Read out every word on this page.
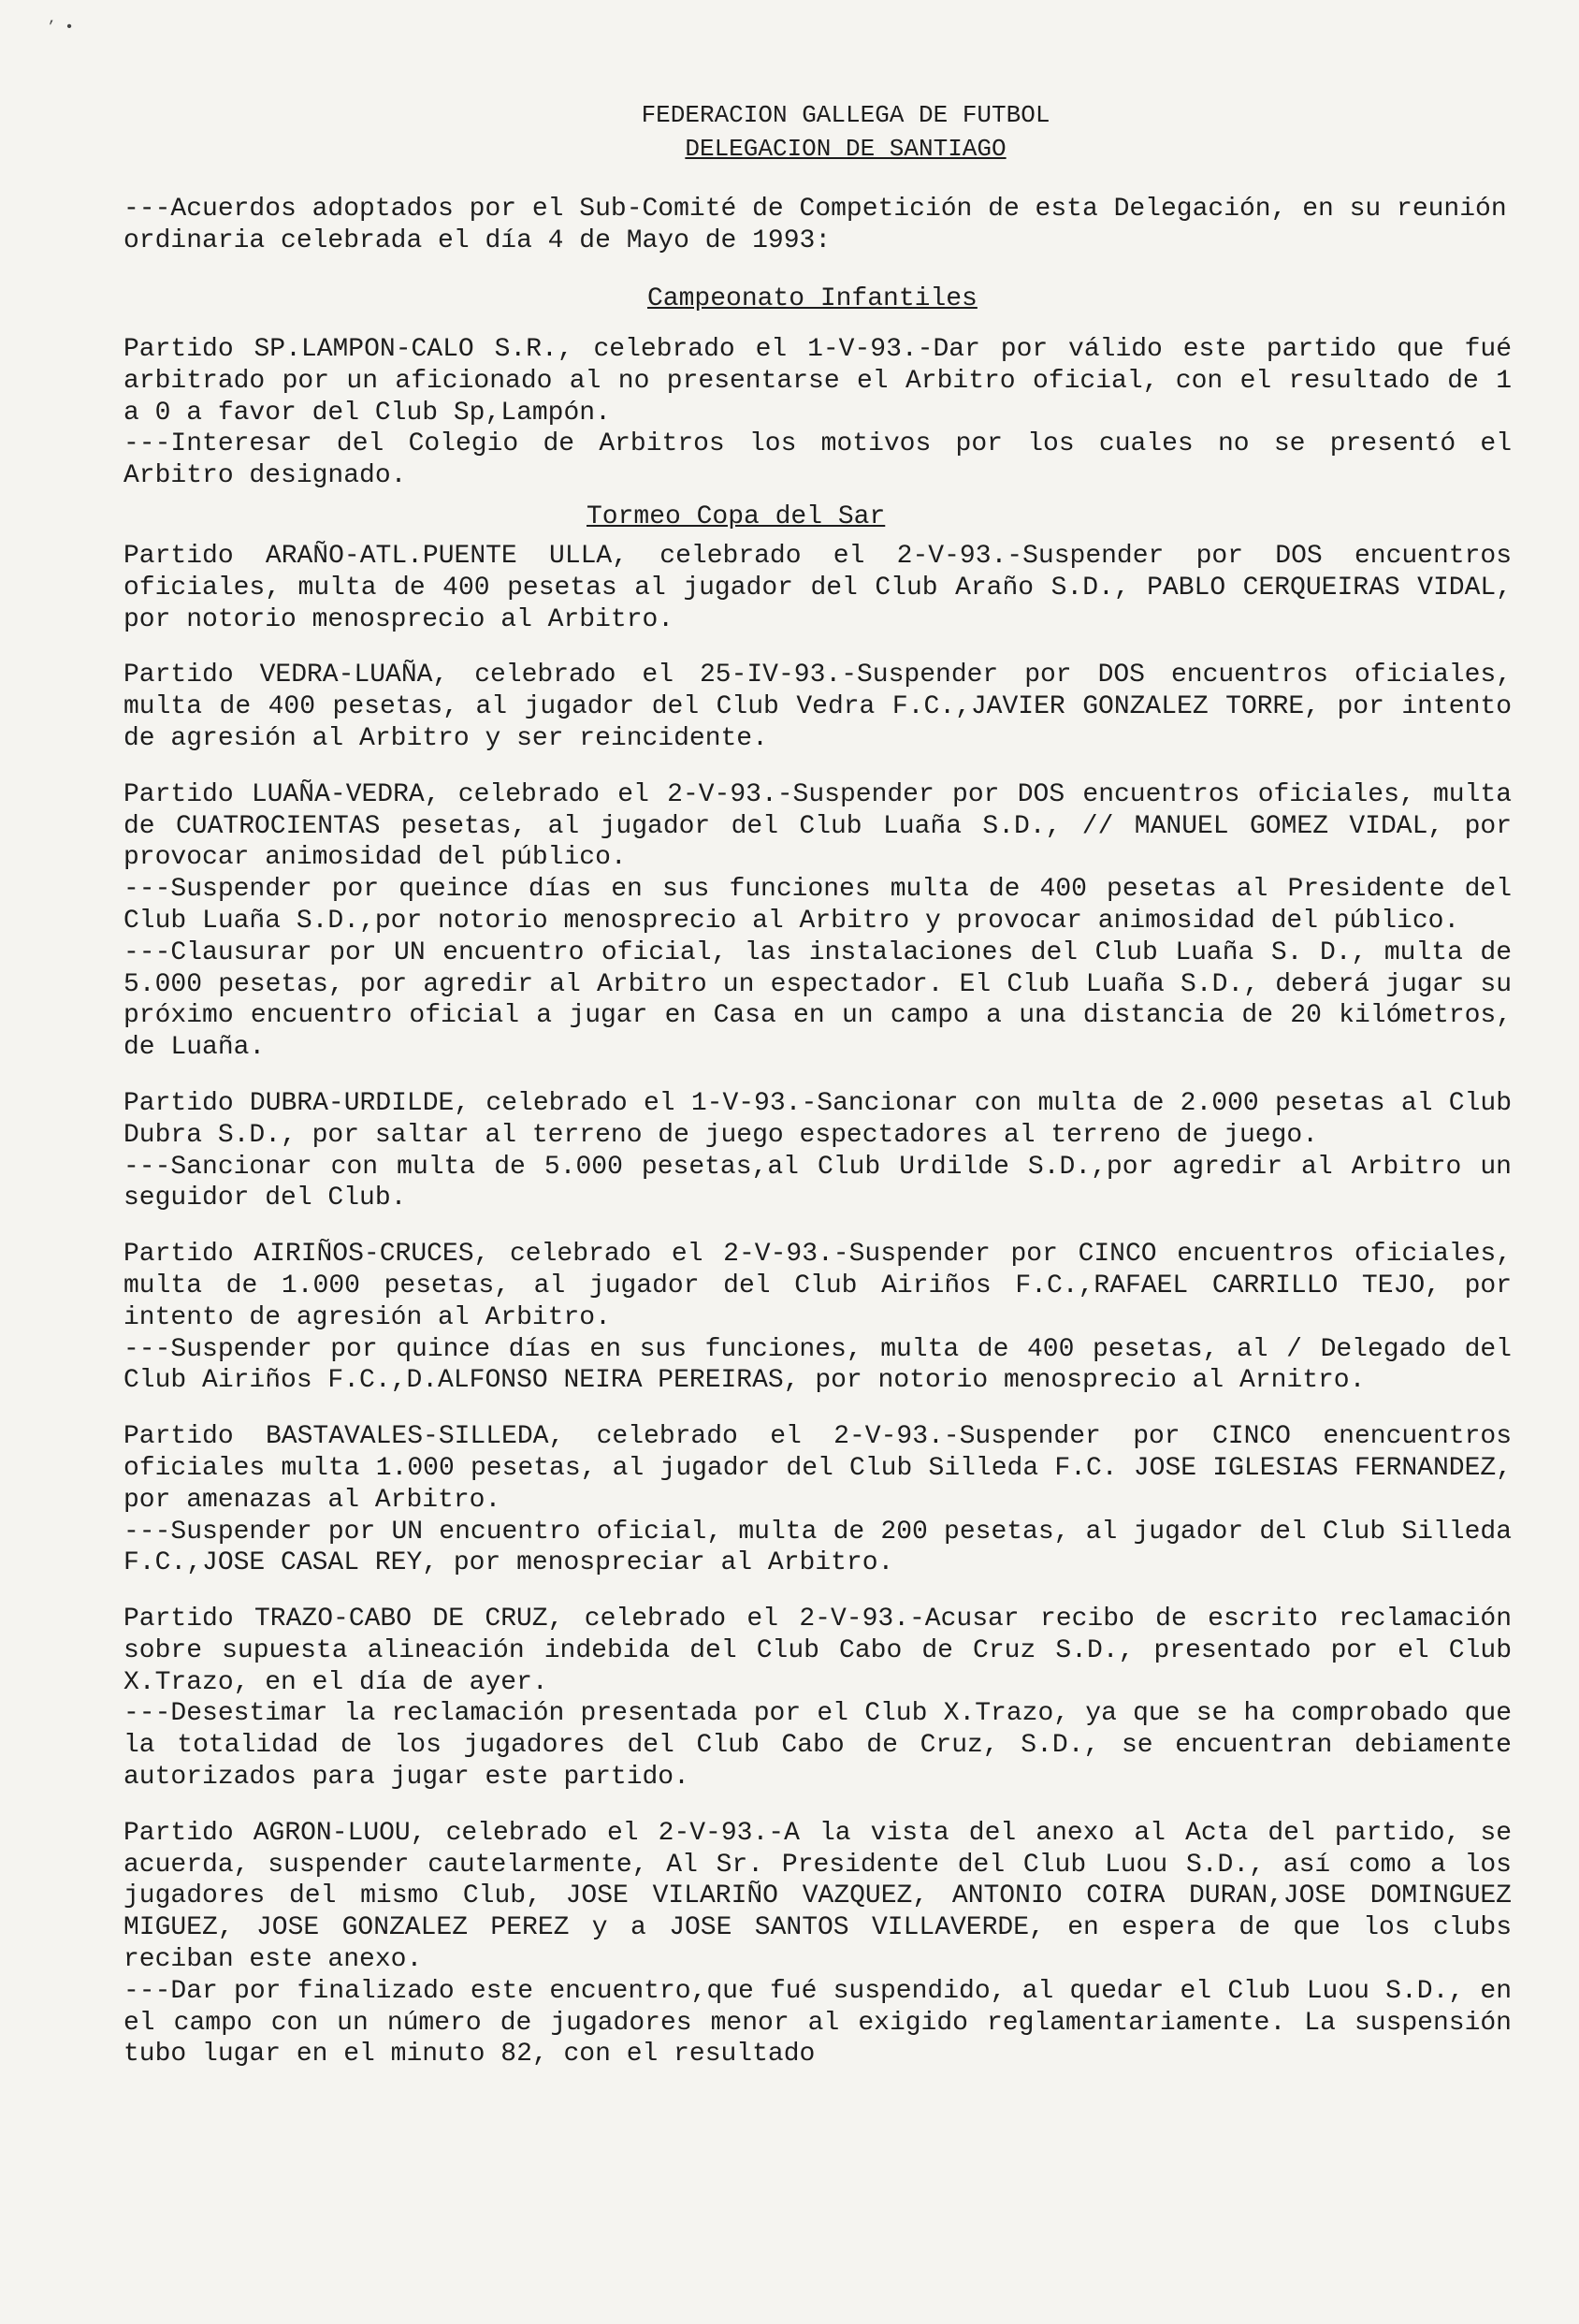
’ •
FEDERACION GALLEGA DE FUTBOL
DELEGACION DE SANTIAGO

---Acuerdos adoptados por el Sub-Comité de Competición de esta Delegación, en su reunión ordinaria celebrada el día 4 de Mayo de 1993:

Campeonato Infantiles

Partido SP.LAMPON-CALO S.R., celebrado el 1-V-93.-Dar por válido este partido que fué arbitrado por un aficionado al no presentarse el Arbitro oficial, con el resultado de 1 a 0 a favor del Club Sp,Lampón.

---Interesar del Colegio de Arbitros los motivos por los cuales no se presentó el Arbitro designado.

Tormeo Copa del Sar

Partido ARAÑO-ATL.PUENTE ULLA, celebrado el 2-V-93.-Suspender por DOS encuentros oficiales, multa de 400 pesetas al jugador del Club Araño S.D., PABLO CERQUEIRAS VIDAL, por notorio menosprecio al Arbitro.

Partido VEDRA-LUAÑA, celebrado el 25-IV-93.-Suspender por DOS encuentros oficiales, multa de 400 pesetas, al jugador del Club Vedra F.C.,JAVIER GONZALEZ TORRE, por intento de agresión al Arbitro y ser reincidente.

Partido LUAÑA-VEDRA, celebrado el 2-V-93.-Suspender por DOS encuentros oficiales, multa de CUATROCIENTAS pesetas, al jugador del Club Luaña S.D., // MANUEL GOMEZ VIDAL, por provocar animosidad del público.

---Suspender por queince días en sus funciones multa de 400 pesetas al Presidente del Club Luaña S.D.,por notorio menosprecio al Arbitro y provocar animosidad del público.

---Clausurar por UN encuentro oficial, las instalaciones del Club Luaña S. D., multa de 5.000 pesetas, por agredir al Arbitro un espectador. El Club Luaña S.D., deberá jugar su próximo encuentro oficial a jugar en Casa en un campo a una distancia de 20 kilómetros, de Luaña.

Partido DUBRA-URDILDE, celebrado el 1-V-93.-Sancionar con multa de 2.000 pesetas al Club Dubra S.D., por saltar al terreno de juego espectadores al terreno de juego.

---Sancionar con multa de 5.000 pesetas,al Club Urdilde S.D.,por agredir al Arbitro un seguidor del Club.

Partido AIRIÑOS-CRUCES, celebrado el 2-V-93.-Suspender por CINCO encuentros oficiales, multa de 1.000 pesetas, al jugador del Club Airiños F.C.,RAFAEL CARRILLO TEJO, por intento de agresión al Arbitro.

---Suspender por quince días en sus funciones, multa de 400 pesetas, al / Delegado del Club Airiños F.C.,D.ALFONSO NEIRA PEREIRAS, por notorio menosprecio al Arnitro.

Partido BASTAVALES-SILLEDA, celebrado el 2-V-93.-Suspender por CINCO enencuentros oficiales multa 1.000 pesetas, al jugador del Club Silleda F.C. JOSE IGLESIAS FERNANDEZ, por amenazas al Arbitro.

---Suspender por UN encuentro oficial, multa de 200 pesetas, al jugador del Club Silleda F.C.,JOSE CASAL REY, por menospreciar al Arbitro.

Partido TRAZO-CABO DE CRUZ, celebrado el 2-V-93.-Acusar recibo de escrito reclamación sobre supuesta alineación indebida del Club Cabo de Cruz S.D., presentado por el Club X.Trazo, en el día de ayer.

---Desestimar la reclamación presentada por el Club X.Trazo, ya que se ha comprobado que la totalidad de los jugadores del Club Cabo de Cruz, S.D., se encuentran debiamente autorizados para jugar este partido.

Partido AGRON-LUOU, celebrado el 2-V-93.-A la vista del anexo al Acta del partido, se acuerda, suspender cautelarmente, Al Sr. Presidente del Club Luou S.D., así como a los jugadores del mismo Club, JOSE VILARIÑO VAZQUEZ, ANTONIO COIRA DURAN,JOSE DOMINGUEZ MIGUEZ, JOSE GONZALEZ PEREZ y a JOSE SANTOS VILLAVERDE, en espera de que los clubs reciban este anexo.

---Dar por finalizado este encuentro,que fué suspendido, al quedar el Club Luou S.D., en el campo con un número de jugadores menor al exigido reglamentariamente. La suspensión tubo lugar en el minuto 82, con el resultado
